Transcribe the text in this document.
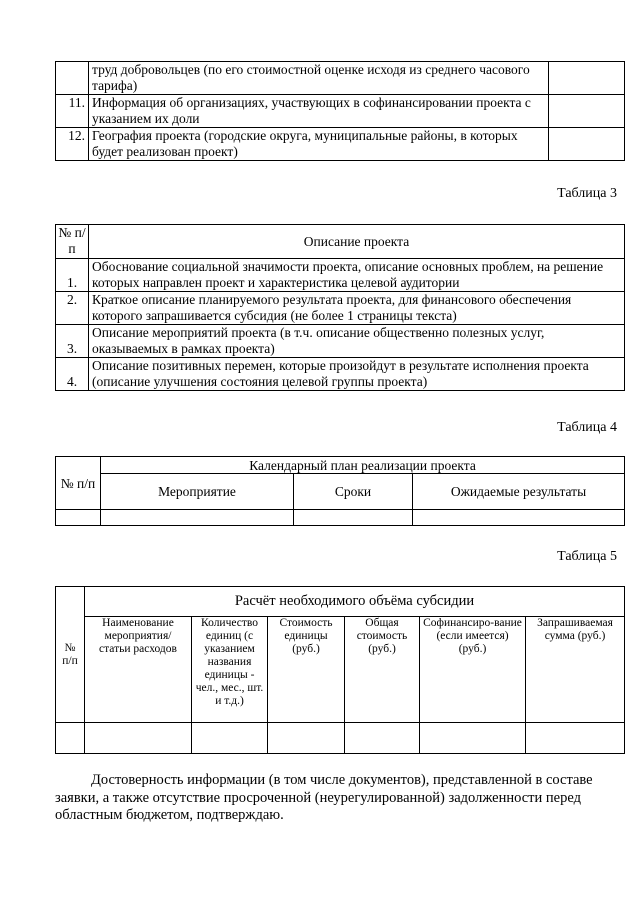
	труд добровольцев (по его стоимостной оценке исходя из среднего часового тарифа)	
11.	Информация об организациях, участвующих в софинансировании проекта с указанием их доли	
12.	География проекта (городские округа, муниципальные районы, в которых будет реализован проект)	
Таблица 3
№ п/п	Описание проекта
1.	Обоснование социальной значимости проекта, описание основных проблем, на решение которых направлен проект и характеристика целевой аудитории
2.	Краткое описание планируемого результата проекта, для финансового обеспечения которого запрашивается субсидия (не более 1 страницы текста)
3.	Описание мероприятий проекта (в т.ч. описание общественно полезных услуг, оказываемых в рамках проекта)
4.	Описание позитивных перемен, которые произойдут в результате исполнения проекта (описание улучшения состояния целевой группы проекта)
Таблица 4
№ п/п	Календарный план реализации проекта		
	Мероприятие	Сроки	Ожидаемые результаты

Таблица 5
№ п/п	Расчёт необходимого объёма субсидии					
	Наименование мероприятия/ статьи расходов	Количество единиц (с указанием названия единицы - чел., мес., шт. и т.д.)	Стоимость единицы (руб.)	Общая стоимость (руб.)	Софинансиро-вание (если имеется) (руб.)	Запрашиваемая сумма (руб.)

Достоверность информации (в том числе документов), представленной в составе заявки, а также отсутствие просроченной (неурегулированной) задолженности перед областным бюджетом, подтверждаю.
